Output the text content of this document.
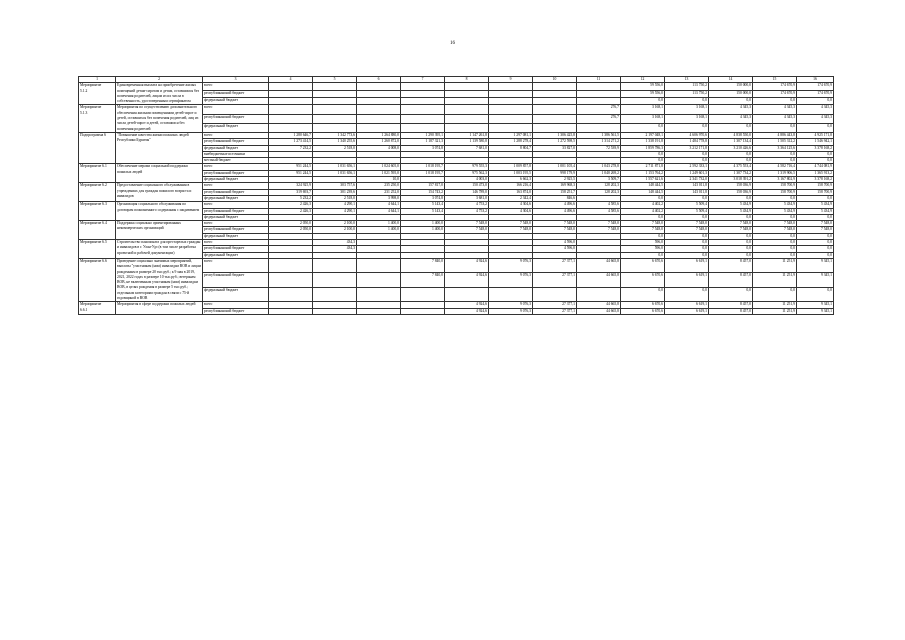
16
1	2	3	4	5	6	7	8	9	10	11	12	13	14	15	16
Мероприятие
5.1.2	Единовременная выплата на приобретение жилых помещений детям-сиротам и детям, оставшимся без попечения родителей, лицам из их числа в собственность, удостоверенным сертификатом	всего									59 556,0	113 750,2	150 000,0	174 670,9	174 670,9
		республиканский бюджет									59 556,0	113 750,2	150 000,0	174 670,9	174 670,9
		федеральный бюджет									0,0	0,0	0,0	0,0	0,0
Мероприятие
5.1.3	Мероприятия по осуществлению дополнительного обеспечения жилыми помещениями детей-сирот и детей, оставшихся без попечения родителей, лиц из числа детей-сирот и детей, оставшихся без попечения родителей	всего								276,7	3 168,1	3 168,1	4 345,3	4 345,3	4 345,3
		республиканский бюджет								276,7	3 168,1	3 168,1	4 345,3	4 345,3	4 345,3
		федеральный бюджет									0,0	0,0	0,0	0,0	0,0
Подпрограмма 6	"Повышение качества жизни пожилых людей Республики Бурятия"	всего	1 280 646,7	1 342 773,6	1 264 880,0	1 290 395,1	1 147 261,8	1 297 081,1	1 306 425,8	1 386 561,5	2 197 048,1	4 606 970,6	4 838 550,0	4 886 443,8	4 925 171,8
		республиканский бюджет	1 273 414,5	1 340 255,6	1 260 872,0	1 187 321,3	1 139 580,8	1 288 278,4	1 272 598,5	1 314 271,2	1 338 191,8	1 484 778,8	1 307 134,4	1 505 312,2	1 546 942,1
		федеральный бюджет	7 232,2	2 518,0	4 008,0	3 074,8	7 681,0	8 804,7	33 827,0	72 539,9	1 859 786,3	3 212 171,8	3 210 426,6	3 364 125,6	3 378 168,2
		внебюджетные источники									0,0	0,0	0,0	0,0	0,0
		местный бюджет									0,0	0,0	0,0	0,0	0,0
Мероприятие 6.1	Обеспечение мерами социальной поддержки пожилых людей	всего	951 244,5	1 031 656,1	1 024 605,0	1 018 195,7	979 555,3	1 009 857,8	1 001 105,4	1 043 278,8	2 711 871,8	2 592 333,1	4 375 553,4	4 582 716,4	4 744 081,9
		республиканский бюджет	951 244,5	1 031 656,1	1 021 595,0	1 018 195,7	975 562,3	1 003 195,5	998 179,9	1 040 269,2	1 153 764,2	1 249 601,3	1 307 734,2	1 319 906,5	1 365 913,2
		федеральный бюджет			10,0		4 003,0	6 662,3	2 925,5	3 509,7	1 557 621,6	2 341 732,0	3 018 391,2	3 167 802,9	3 378 168,2
Мероприятие 6.2	Предоставление социального обслуживания в учреждениях для граждан пожилого возраста и инвалидов	всего	324 925,9	303 757,6	235 250,0	157 817,0	150 473,0	166 216,4	169 968,3	128 202,3	148 444,5	143 011,8	158 036,9	158 700,9	158 700,9
		республиканский бюджет	319 693,7	301 239,6	231 252,0	154 743,2	146 789,0	163 874,0	158 251,7	128 202,3	148 444,5	143 011,8	158 036,9	158 700,9	158 700,9
		федеральный бюджет	5 232,2	2 518,0	3 998,0	3 074,8	3 681,0	2 342,4	846,6		0,0	0,0	0,0	0,0	0,0
Мероприятие 6.3	Организация социального обслуживания по договорам пожизненного содержания с иждивением	всего	2 426,3	4 290,1	4 644,1	5 143,4	4 753,2	4 304,6	4 496,6	4 585,6	4 402,2	5 509,4	5 434,9	5 434,9	5 434,9
		республиканский бюджет	2 426,3	4 290,1	4 644,1	5 143,4	4 753,2	4 304,6	4 496,6	4 585,6	4 402,2	5 509,4	5 434,9	5 434,9	5 434,9
		федеральный бюджет									0,0	0,0	0,0	0,0	0,0
Мероприятие 6.4	Поддержка социально ориентированных некоммерческих организаций	всего	2 050,0	2 100,0	1 400,0	1 400,0	7 548,0	7 548,0	7 548,0	7 548,0	7 548,0	7 548,0	7 548,0	7 548,0	7 548,0
		республиканский бюджет	2 050,0	2 100,0	1 400,0	1 400,0	7 548,0	7 548,0	7 548,0	7 548,0	7 548,0	7 548,0	7 548,0	7 548,0	7 548,0
		федеральный бюджет									0,0	0,0	0,0	0,0	0,0
Мероприятие 6.5	Строительство пансионата для престарелых граждан и инвалидов в г. Улан-Удэ (в том числе разработка проектной и рабочей документации)	всего		434,3					4 596,0		596,0	0,0	0,0	0,0	0,0
		республиканский бюджет		434,3					4 596,0		596,0	0,0	0,0	0,0	0,0
		федеральный бюджет									0,0	0,0	0,0	0,0	0,0
Мероприятие 6.6	Проведение социально значимых мероприятий, выплаты "участникам (ним) инвалидам ВОВ и лицам рожденным в размере 20 тыс.руб.; к 9 мая в 2019, 2021, 2022 годах в размере 10 тыс.руб.; ветеранам ВОВ, не включенным участникам (ним) инвалидам ВОВ, в целях рождения в размере 5 тыс.руб.; отдельным категориям граждан в связи с 75-й годовщиной в ВОВ	всего				7 840,0	4 924,6	9 076,3	27 377,1	44 665,8	6 670,6	6 619,1	8 457,0	11 251,9	9 345,1
		республиканский бюджет				7 840,0	4 924,6	9 076,3	27 377,1	44 665,8	6 670,6	6 619,1	8 457,0	11 251,9	9 345,1
		федеральный бюджет									0,0	0,0	0,0	0,0	0,0
Мероприятие
6.6.1	Мероприятия в сфере поддержки пожилых людей	всего					4 924,6	9 076,3	27 377,1	44 665,8	6 670,6	6 619,1	8 457,0	11 251,9	9 345,1
		республиканский бюджет					4 924,6	9 076,3	27 377,1	44 665,8	6 670,6	6 619,1	8 457,0	11 251,9	9 345,1
